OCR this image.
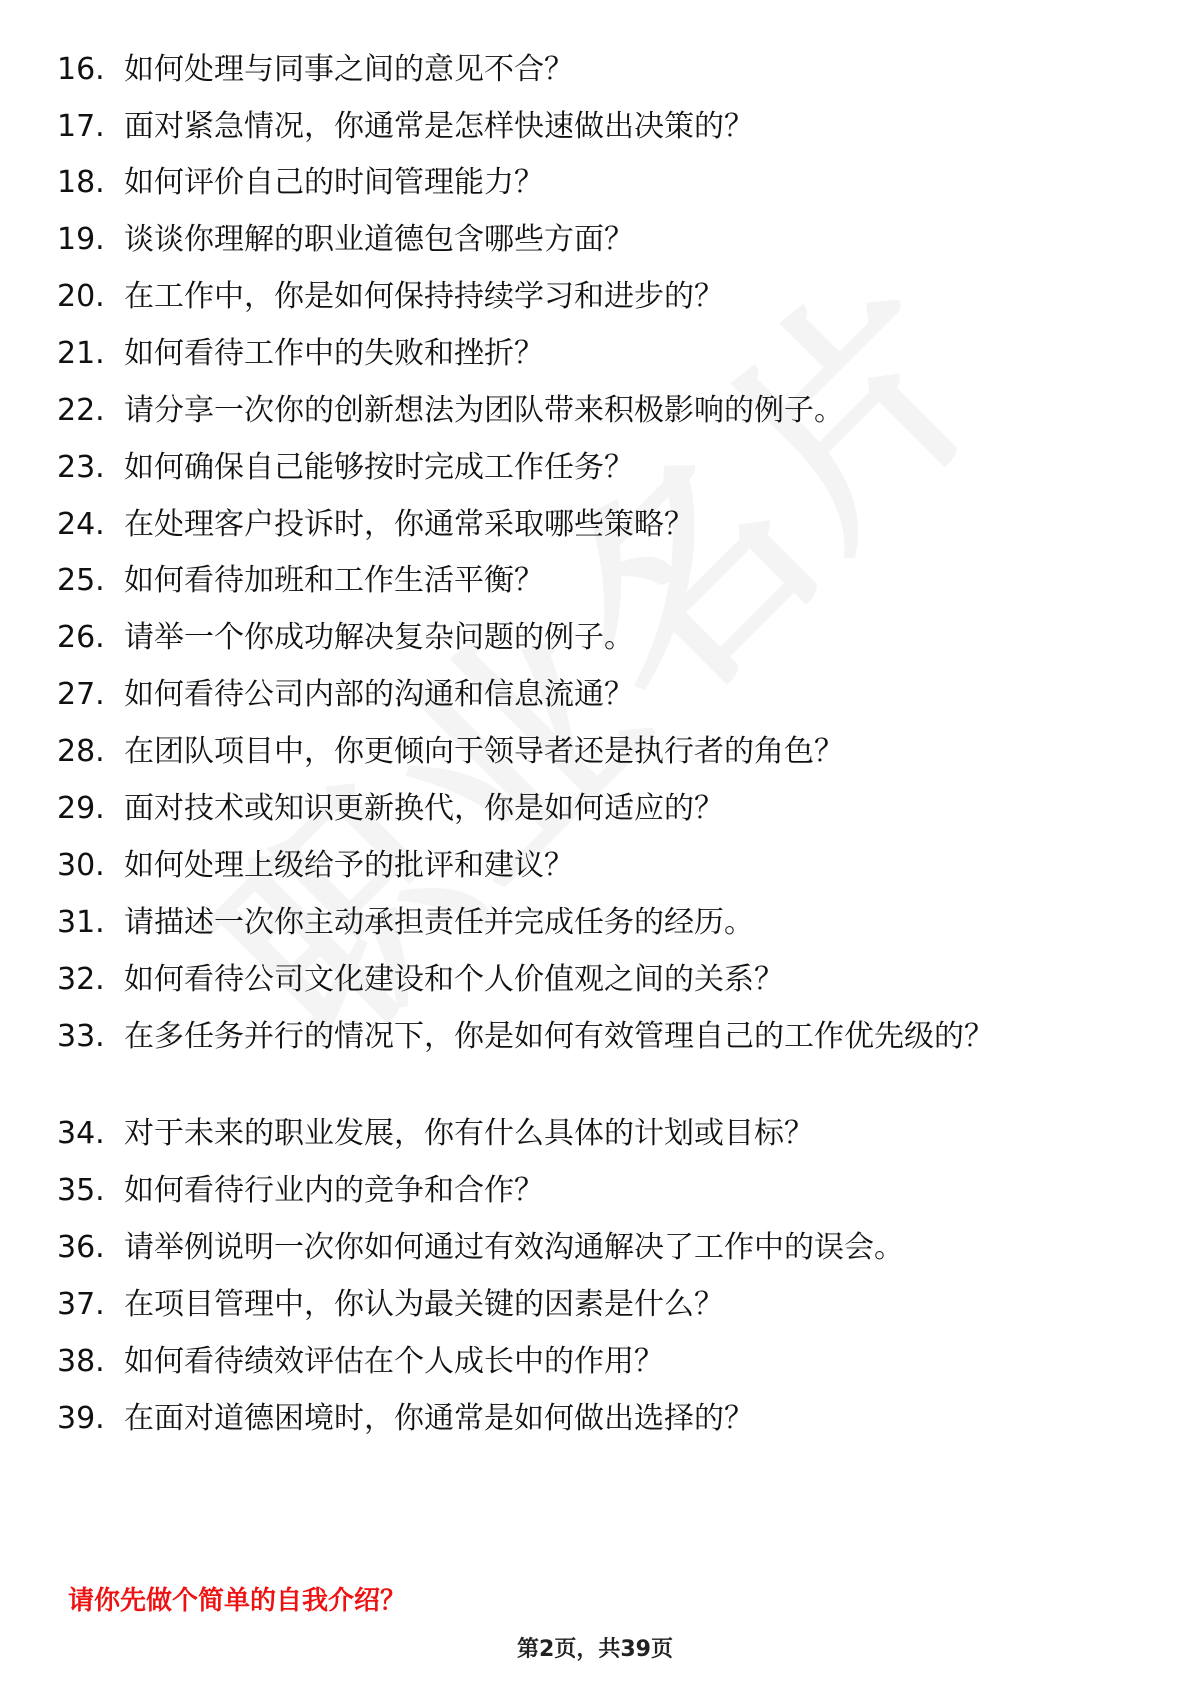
16. 如何处理与同事之间的意见不合？
17. 面对紧急情况，你通常是怎样快速做出决策的？
18. 如何评价自己的时间管理能力？
19. 谈谈你理解的职业道德包含哪些方面？
20. 在工作中，你是如何保持持续学习和进步的？
21. 如何看待工作中的失败和挫折？
22. 请分享一次你的创新想法为团队带来积极影响的例子。
23. 如何确保自己能够按时完成工作任务？
24. 在处理客户投诉时，你通常采取哪些策略？
25. 如何看待加班和工作生活平衡？
26. 请举一个你成功解决复杂问题的例子。
27. 如何看待公司内部的沟通和信息流通？
28. 在团队项目中，你更倾向于领导者还是执行者的角色？
29. 面对技术或知识更新换代，你是如何适应的？
30. 如何处理上级给予的批评和建议？
31. 请描述一次你主动承担责任并完成任务的经历。
32. 如何看待公司文化建设和个人价值观之间的关系？
33. 在多任务并行的情况下，你是如何有效管理自己的工作优先级的？
34. 对于未来的职业发展，你有什么具体的计划或目标？
35. 如何看待行业内的竞争和合作？
36. 请举例说明一次你如何通过有效沟通解决了工作中的误会。
37. 在项目管理中，你认为最关键的因素是什么？
38. 如何看待绩效评估在个人成长中的作用？
39. 在面对道德困境时，你通常是如何做出选择的？
请你先做个简单的自我介绍？
第2页，共39页
